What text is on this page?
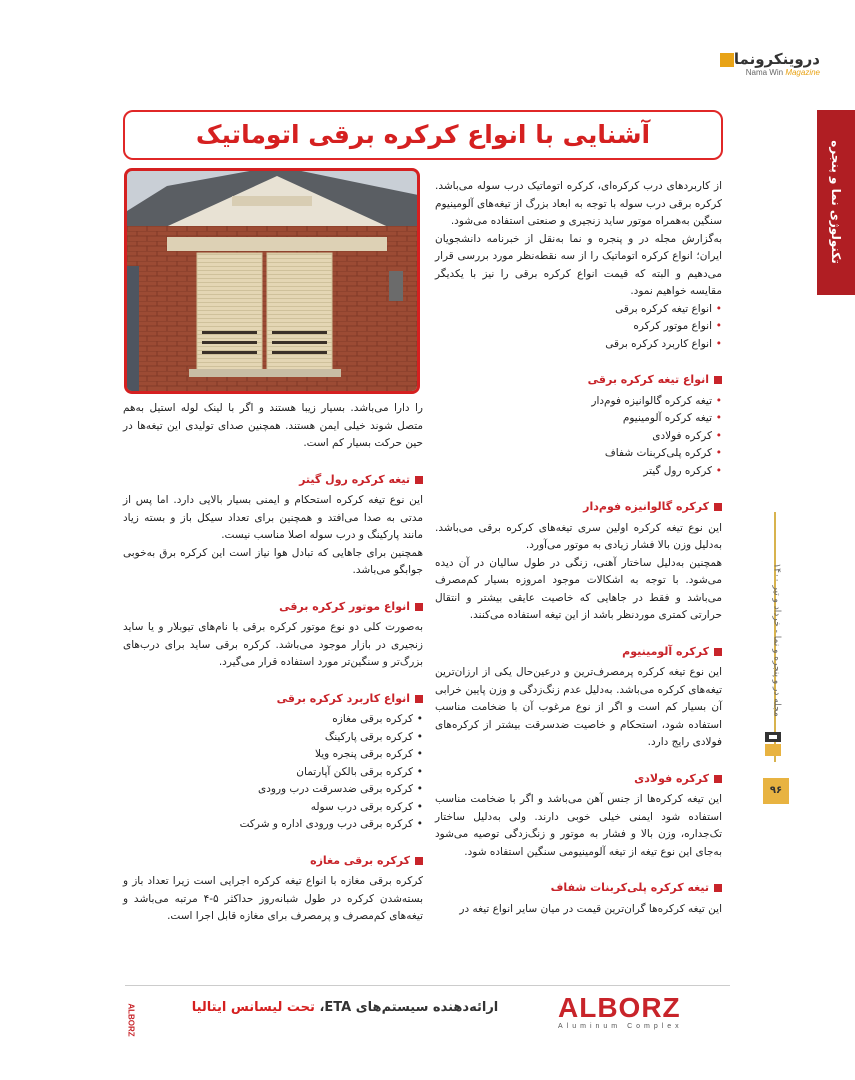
دروینکرونما
Nama Win Magazine
تکنولوژی نما و پنجره
مجله در و پنجره و نما - خرداد و تیر ۱۴۰۰
۹۶
آشنایی با انواع کرکره برقی اتوماتیک

از کاربردهای درب کرکره‌ای، کرکره اتوماتیک درب سوله می‌باشد. کرکره برقی درب سوله با توجه به ابعاد بزرگ از تیغه‌های آلومینیوم سنگین به‌همراه موتور ساید زنجیری و صنعتی استفاده می‌شود.

به‌گزارش مجله در و پنجره و نما به‌نقل از خبرنامه دانشجویان ایران؛ انواع کرکره اتوماتیک را از سه نقطه‌نظر مورد بررسی قرار می‌دهیم و البته که قیمت انواع کرکره برقی را نیز با یکدیگر مقایسه خواهیم نمود.

•
انواع تیغه کرکره برقی
•
انواع موتور کرکره
•
انواع کاربرد کرکره برقی
انواع تیغه کرکره برقی
•
تیغه کرکره گالوانیزه فوم‌دار
•
تیغه کرکره آلومینیوم
•
کرکره فولادی
•
کرکره پلی‌کربنات شفاف
•
کرکره رول گیتر
کرکره گالوانیزه فوم‌دار

این نوع تیغه کرکره اولین سری تیغه‌های کرکره برقی می‌باشد. به‌دلیل وزن بالا فشار زیادی به موتور می‌آورد.

همچنین به‌دلیل ساختار آهنی، زنگی در طول سالیان در آن دیده می‌شود. با توجه به اشکالات موجود امروزه بسیار کم‌مصرف می‌باشد و فقط در جاهایی که خاصیت عایقی بیشتر و انتقال حرارتی کمتری مورد‌نظر باشد از این تیغه استفاده می‌کنند.

کرکره آلومینیوم

این نوع تیغه کرکره پرمصرف‌ترین و درعین‌حال یکی از ارزان‌ترین تیغه‌های کرکره می‌باشد. به‌دلیل عدم زنگ‌زدگی و وزن پایین خرابی آن بسیار کم است و اگر از نوع مرغوب آن با ضخامت مناسب استفاده شود، استحکام و خاصیت ضدسرقت بیشتر از کرکره‌های فولادی رایج دارد.

کرکره فولادی

این تیغه کرکره‌ها از جنس آهن می‌باشد و اگر با ضخامت مناسب استفاده شود ایمنی خیلی خوبی دارند. ولی به‌دلیل ساختار تک‌جداره، وزن بالا و فشار به موتور و زنگ‌زدگی توصیه می‌شود به‌جای این نوع تیغه از تیغه آلومینیومی سنگین استفاده شود.

تیغه کرکره پلی‌کربنات شفاف

این تیغه کرکره‌ها گران‌ترین قیمت در میان سایر انواع تیغه در

را دارا می‌باشد. بسیار زیبا هستند و اگر با لینک لوله استیل به‌هم متصل شوند خیلی ایمن هستند. همچنین صدای تولیدی این تیغه‌ها در حین حرکت بسیار کم است.

تیغه کرکره رول گیتر

این نوع تیغه کرکره استحکام و ایمنی بسیار بالایی دارد. اما پس از مدتی به صدا می‌افتد و همچنین برای تعداد سیکل باز و بسته زیاد مانند پارکینگ و درب سوله اصلا مناسب نیست.

همچنین برای جاهایی که تبادل هوا نیاز است این کرکره برق به‌خوبی جوابگو می‌باشد.

انواع موتور کرکره برقی

به‌صورت کلی دو نوع موتور کرکره برقی با نام‌های تیوبلار و یا ساید زنجیری در بازار موجود می‌باشد. کرکره برقی ساید برای درب‌های بزرگ‌تر و سنگین‌تر مورد استفاده قرار می‌گیرد.

انواع کاربرد کرکره برقی
•
کرکره برقی مغازه
•
کرکره برقی پارکینگ
•
کرکره برقی پنجره ویلا
•
کرکره برقی بالکن آپارتمان
•
کرکره برقی ضدسرقت درب ورودی
•
کرکره برقی درب سوله
•
کرکره برقی درب ورودی اداره و شرکت
کرکره برقی مغازه

کرکره برقی مغازه با انواع تیغه کرکره اجرایی است زیرا تعداد باز و بسته‌شدن کرکره در طول شبانه‌روز حداکثر ۵-۴ مرتبه می‌باشد و تیغه‌های کم‌مصرف و پرمصرف برای مغازه قابل اجرا است.

ALBORZ	ارائه‌دهنده سیستم‌های ETA، تحت لیسانس ایتالیا	ALBORZ
Aluminum Complex
